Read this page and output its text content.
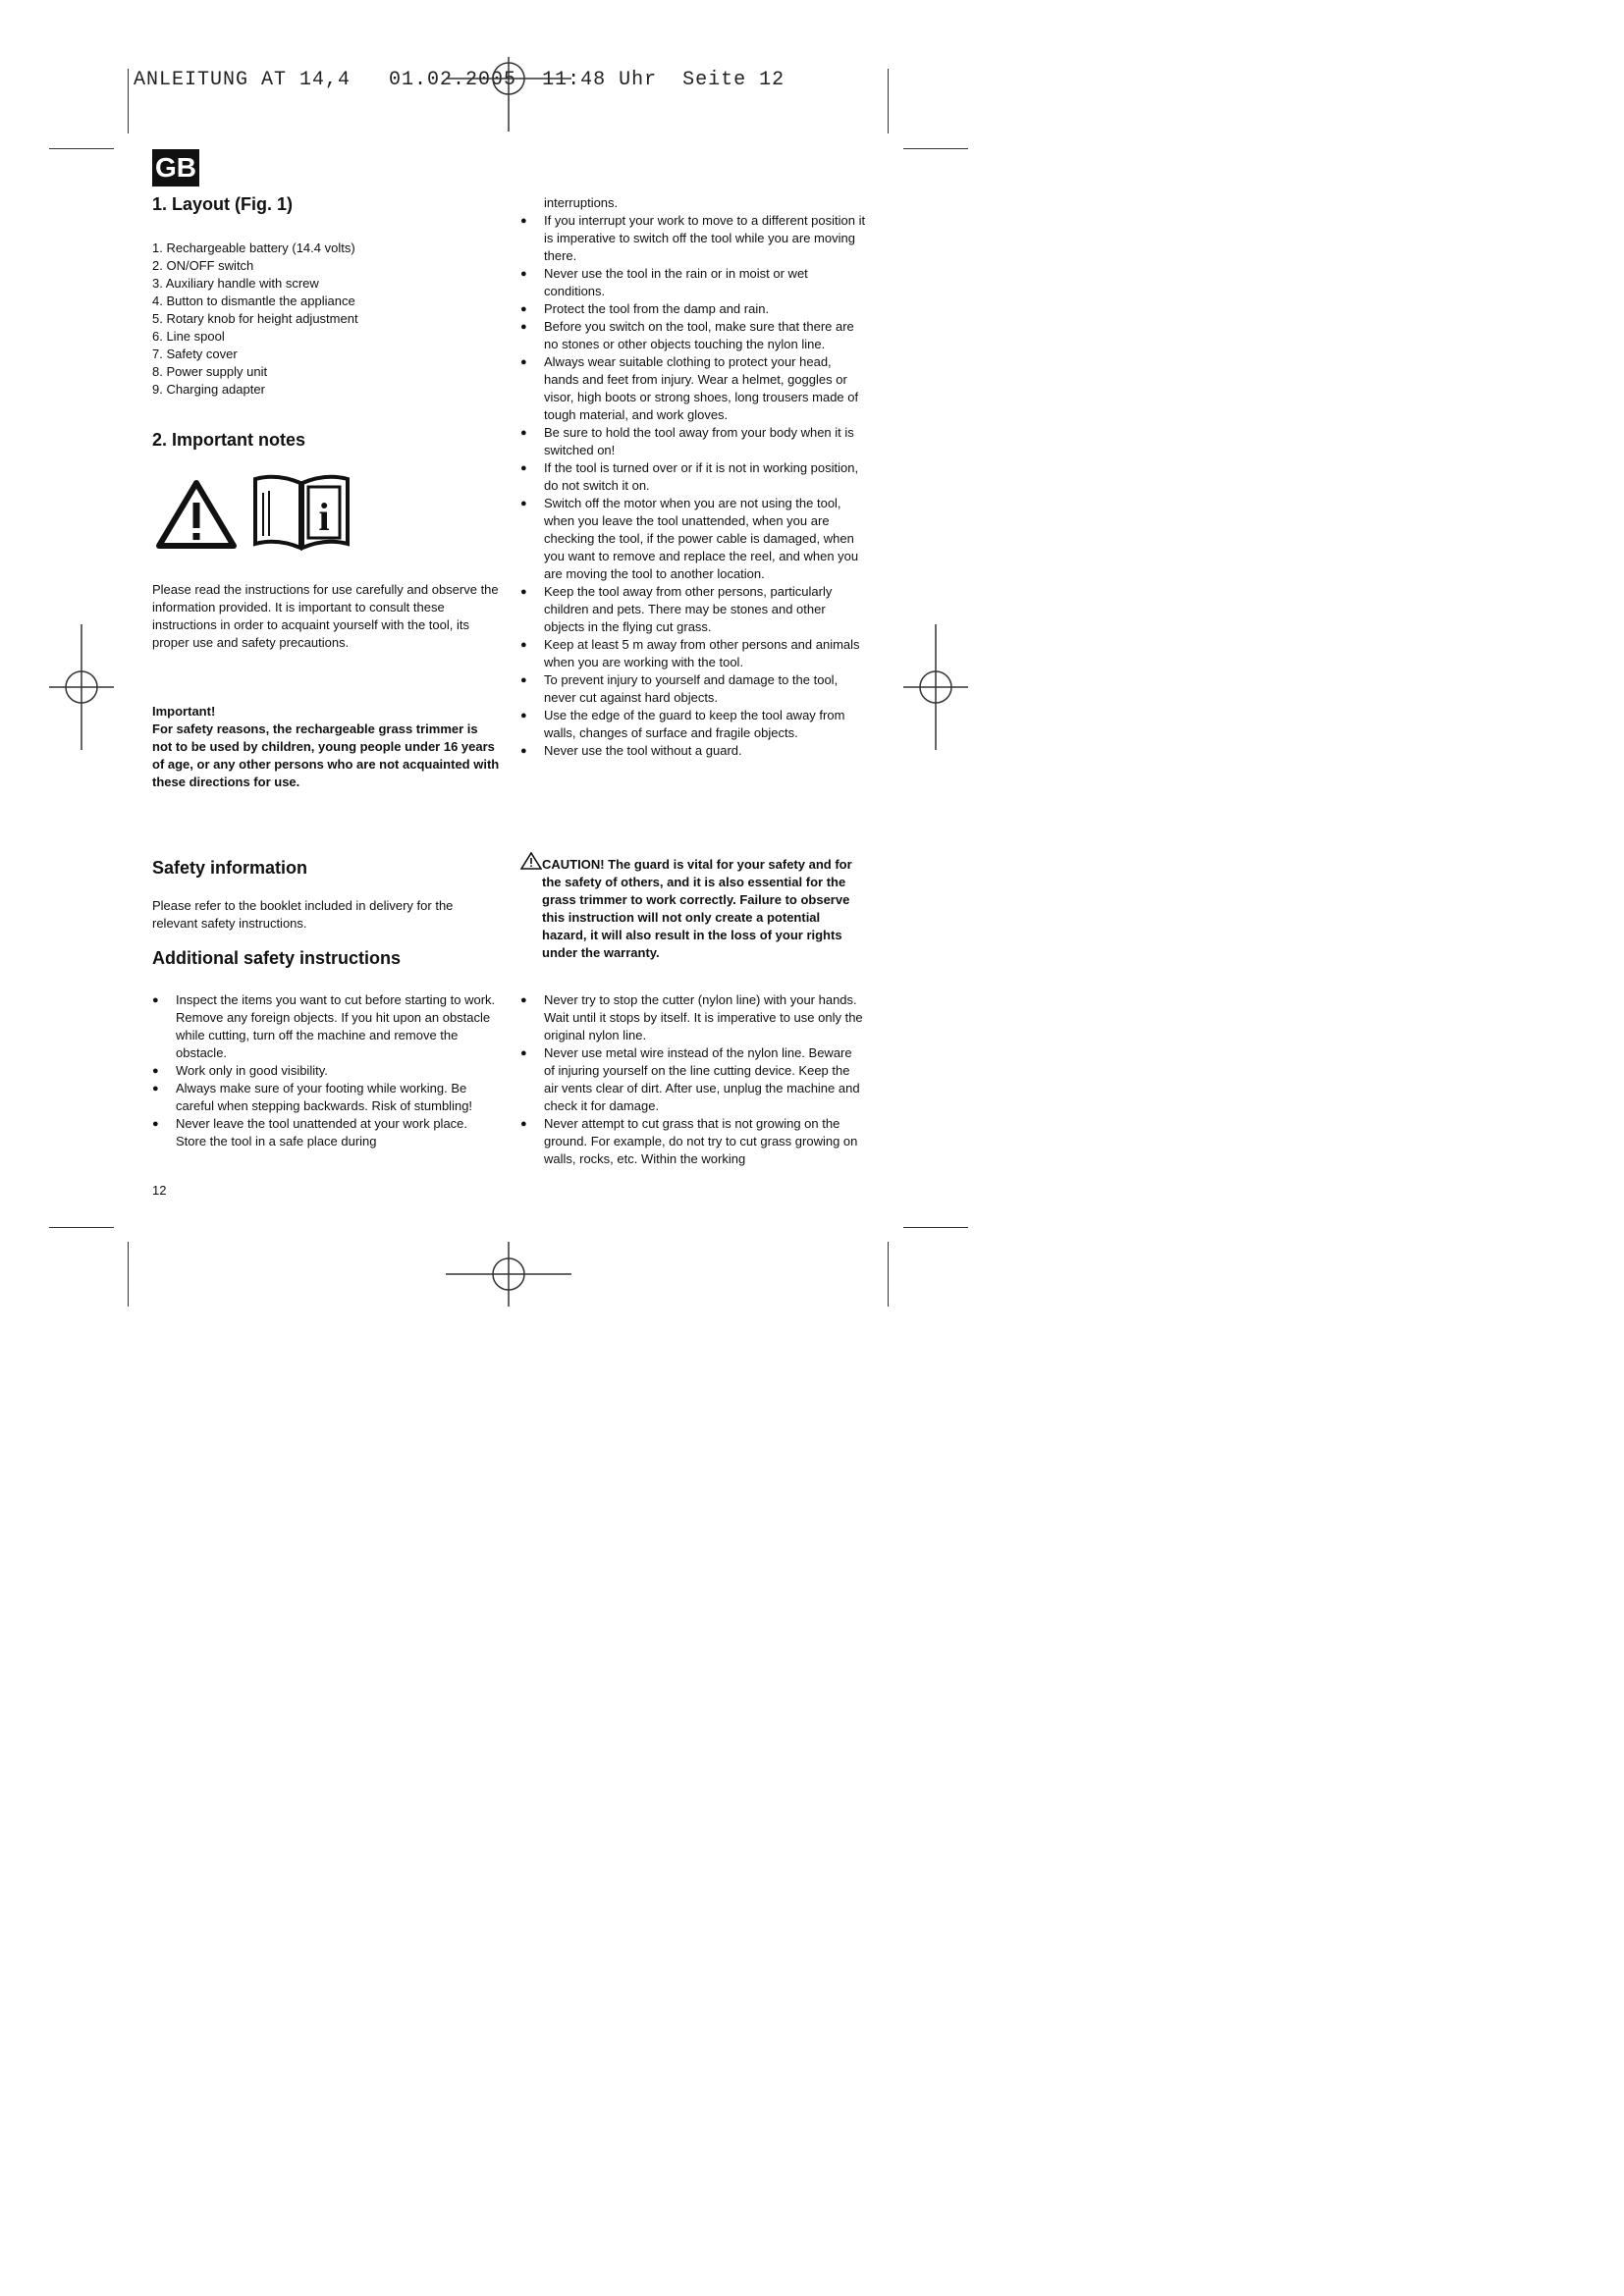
ANLEITUNG AT 14,4   01.02.2005  11:48 Uhr  Seite 12
GB
1. Layout (Fig. 1)
1. Rechargeable battery (14.4 volts)
2. ON/OFF switch
3. Auxiliary handle with screw
4. Button to dismantle the appliance
5. Rotary knob for height adjustment
6. Line spool
7. Safety cover
8. Power supply unit
9. Charging adapter
2. Important notes
i

Please read the instructions for use carefully and observe the information provided. It is important to consult these instructions in order to acquaint yourself with the tool, its proper use and safety precautions.

Important!

For safety reasons, the rechargeable grass trimmer is not to be used by children, young people under 16 years of age, or any other persons who are not acquainted with these directions for use.

Safety information

Please refer to the booklet included in delivery for the relevant safety instructions.

Additional safety instructions
● Inspect the items you want to cut before starting to work. Remove any foreign objects. If you hit upon an obstacle while cutting, turn off the machine and remove the obstacle.
● Work only in good visibility.
● Always make sure of your footing while working. Be careful when stepping backwards. Risk of stumbling!
● Never leave the tool unattended at your work place. Store the tool in a safe place during
12

interruptions.

● If you interrupt your work to move to a different position it is imperative to switch off the tool while you are moving there.
● Never use the tool in the rain or in moist or wet conditions.
● Protect the tool from the damp and rain.
● Before you switch on the tool, make sure that there are no stones or other objects touching the nylon line.
● Always wear suitable clothing to protect your head, hands and feet from injury. Wear a helmet, goggles or visor, high boots or strong shoes, long trousers made of tough material, and work gloves.
● Be sure to hold the tool away from your body when it is switched on!
● If the tool is turned over or if it is not in working position, do not switch it on.
● Switch off the motor when you are not using the tool, when you leave the tool unattended, when you are checking the tool, if the power cable is damaged, when you want to remove and replace the reel, and when you are moving the tool to another location.
● Keep the tool away from other persons, particularly children and pets. There may be stones and other objects in the flying cut grass.
● Keep at least 5 m away from other persons and animals when you are working with the tool.
● To prevent injury to yourself and damage to the tool, never cut against hard objects.
● Use the edge of the guard to keep the tool away from walls, changes of surface and fragile objects.
● Never use the tool without a guard.

CAUTION! The guard is vital for your safety and for the safety of others, and it is also essential for the grass trimmer to work correctly. Failure to observe this instruction will not only create a potential hazard, it will also result in the loss of your rights under the warranty.

● Never try to stop the cutter (nylon line) with your hands. Wait until it stops by itself. It is imperative to use only the original nylon line.
● Never use metal wire instead of the nylon line. Beware of injuring yourself on the line cutting device. Keep the air vents clear of dirt. After use, unplug the machine and check it for damage.
● Never attempt to cut grass that is not growing on the ground. For example, do not try to cut grass growing on walls, rocks, etc. Within the working
